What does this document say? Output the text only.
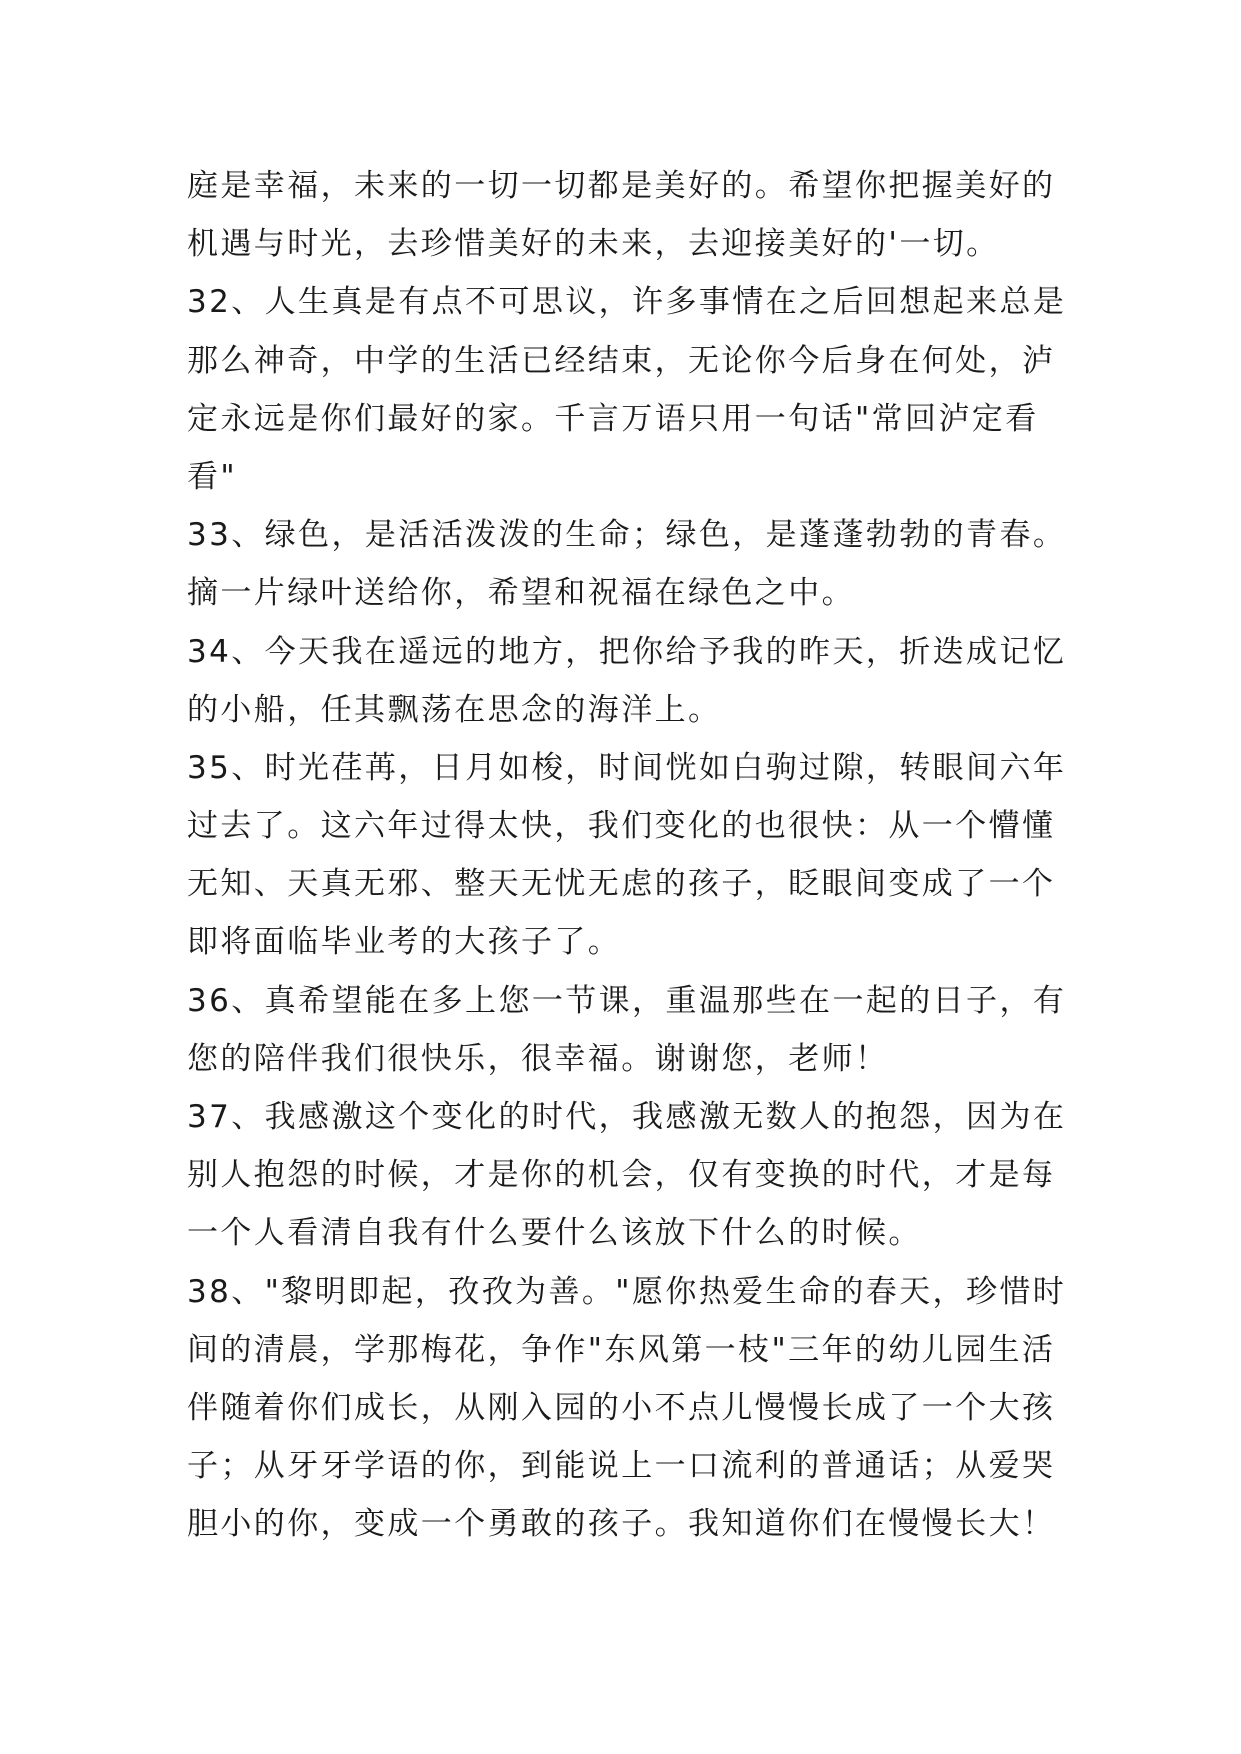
庭是幸福，未来的一切一切都是美好的。希望你把握美好的
机遇与时光，去珍惜美好的未来，去迎接美好的'一切。
32、人生真是有点不可思议，许多事情在之后回想起来总是
那么神奇，中学的生活已经结束，无论你今后身在何处，泸
定永远是你们最好的家。千言万语只用一句话"常回泸定看
看"
33、绿色，是活活泼泼的生命；绿色，是蓬蓬勃勃的青春。
摘一片绿叶送给你，希望和祝福在绿色之中。
34、今天我在遥远的地方，把你给予我的昨天，折迭成记忆
的小船，任其飘荡在思念的海洋上。
35、时光荏苒，日月如梭，时间恍如白驹过隙，转眼间六年
过去了。这六年过得太快，我们变化的也很快：从一个懵懂
无知、天真无邪、整天无忧无虑的孩子，眨眼间变成了一个
即将面临毕业考的大孩子了。
36、真希望能在多上您一节课，重温那些在一起的日子，有
您的陪伴我们很快乐，很幸福。谢谢您，老师！
37、我感激这个变化的时代，我感激无数人的抱怨，因为在
别人抱怨的时候，才是你的机会，仅有变换的时代，才是每
一个人看清自我有什么要什么该放下什么的时候。
38、"黎明即起，孜孜为善。"愿你热爱生命的春天，珍惜时
间的清晨，学那梅花，争作"东风第一枝"三年的幼儿园生活
伴随着你们成长，从刚入园的小不点儿慢慢长成了一个大孩
子；从牙牙学语的你，到能说上一口流利的普通话；从爱哭
胆小的你，变成一个勇敢的孩子。我知道你们在慢慢长大！
